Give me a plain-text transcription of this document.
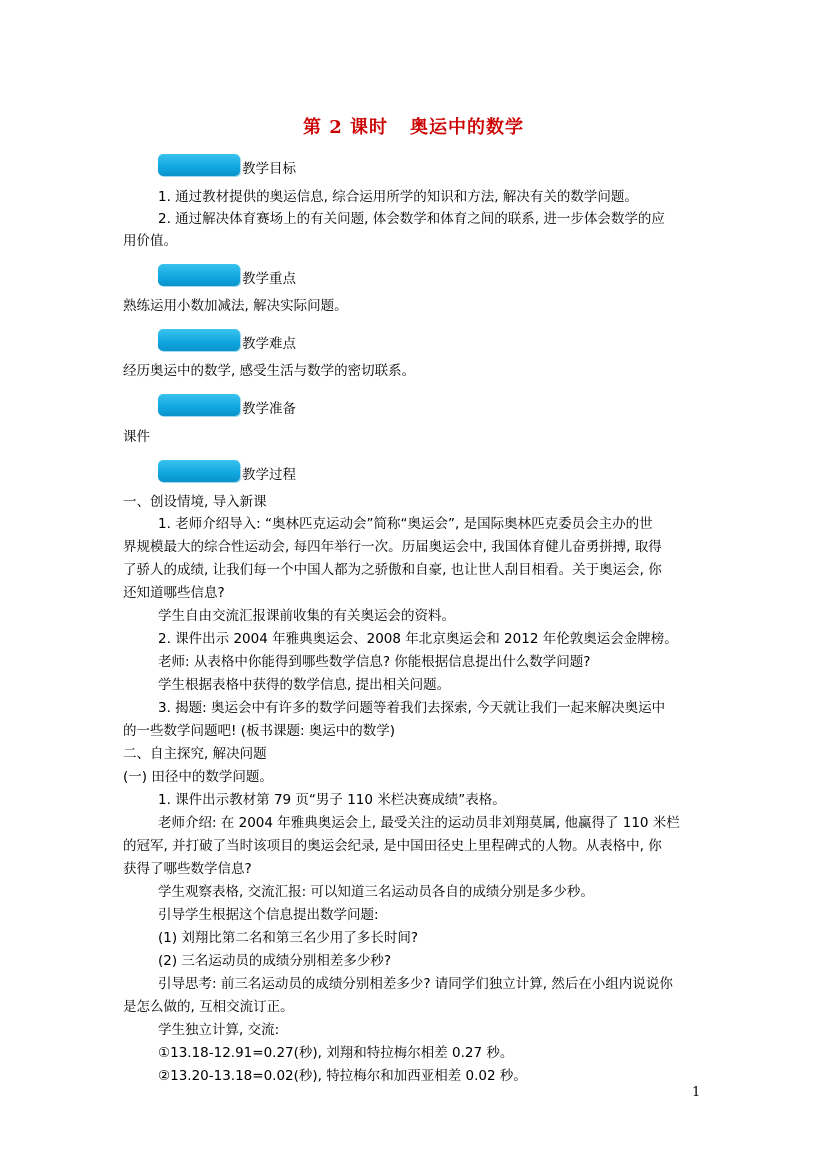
第 2 课时 奥运中的数学
教学目标
1. 通过教材提供的奥运信息, 综合运用所学的知识和方法, 解决有关的数学问题。
2. 通过解决体育赛场上的有关问题, 体会数学和体育之间的联系, 进一步体会数学的应
用价值。
教学重点
熟练运用小数加减法, 解决实际问题。
教学难点
经历奥运中的数学, 感受生活与数学的密切联系。
教学准备
课件
教学过程
一、创设情境, 导入新课
1. 老师介绍导入: “奥林匹克运动会”简称“奥运会”, 是国际奥林匹克委员会主办的世
界规模最大的综合性运动会, 每四年举行一次。历届奥运会中, 我国体育健儿奋勇拼搏, 取得
了骄人的成绩, 让我们每一个中国人都为之骄傲和自豪, 也让世人刮目相看。关于奥运会, 你
还知道哪些信息?
学生自由交流汇报课前收集的有关奥运会的资料。
2. 课件出示 2004 年雅典奥运会、2008 年北京奥运会和 2012 年伦敦奥运会金牌榜。
老师: 从表格中你能得到哪些数学信息? 你能根据信息提出什么数学问题?
学生根据表格中获得的数学信息, 提出相关问题。
3. 揭题: 奥运会中有许多的数学问题等着我们去探索, 今天就让我们一起来解决奥运中
的一些数学问题吧! (板书课题: 奥运中的数学)
二、自主探究, 解决问题
(一) 田径中的数学问题。
1. 课件出示教材第 79 页“男子 110 米栏决赛成绩”表格。
老师介绍: 在 2004 年雅典奥运会上, 最受关注的运动员非刘翔莫属, 他赢得了 110 米栏
的冠军, 并打破了当时该项目的奥运会纪录, 是中国田径史上里程碑式的人物。从表格中, 你
获得了哪些数学信息?
学生观察表格, 交流汇报: 可以知道三名运动员各自的成绩分别是多少秒。
引导学生根据这个信息提出数学问题:
(1) 刘翔比第二名和第三名少用了多长时间?
(2) 三名运动员的成绩分别相差多少秒?
引导思考: 前三名运动员的成绩分别相差多少? 请同学们独立计算, 然后在小组内说说你
是怎么做的, 互相交流订正。
学生独立计算, 交流:
①13.18-12.91=0.27(秒), 刘翔和特拉梅尔相差 0.27 秒。
②13.20-13.18=0.02(秒), 特拉梅尔和加西亚相差 0.02 秒。
1
